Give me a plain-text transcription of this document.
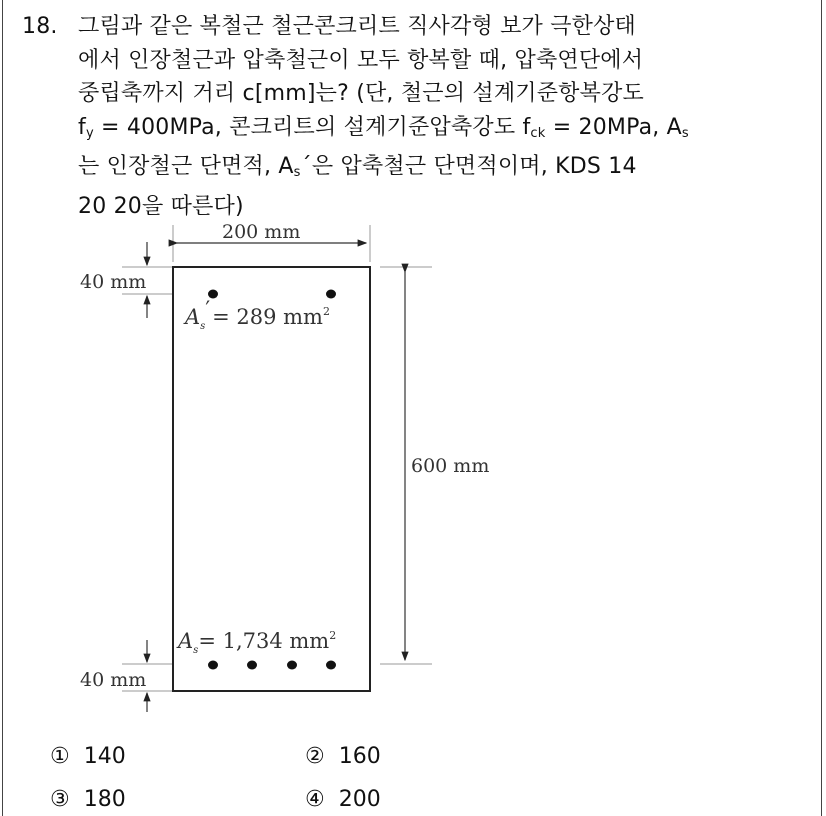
18. 그림과 같은 복철근 철근콘크리트 직사각형 보가 극한상태
에서 인장철근과 압축철근이 모두 항복할 때, 압축연단에서
중립축까지 거리 c[mm]는? (단, 철근의 설계기준항복강도
$f_y = 400MPa$, 콘크리트의 설계기준압축강도 $f_{ck} = 20MPa$, $A_s$
는 인장철근 단면적, $A_s´$은 압축철근 단면적이며, KDS 14
20 20을 따른다)
200 mm
600 mm
40 mm
40 mm
$A_s'= 289$ $mm^2$
$A_s= 1,734$ $mm^2$
① 140	② 160
③ 180	④ 200
